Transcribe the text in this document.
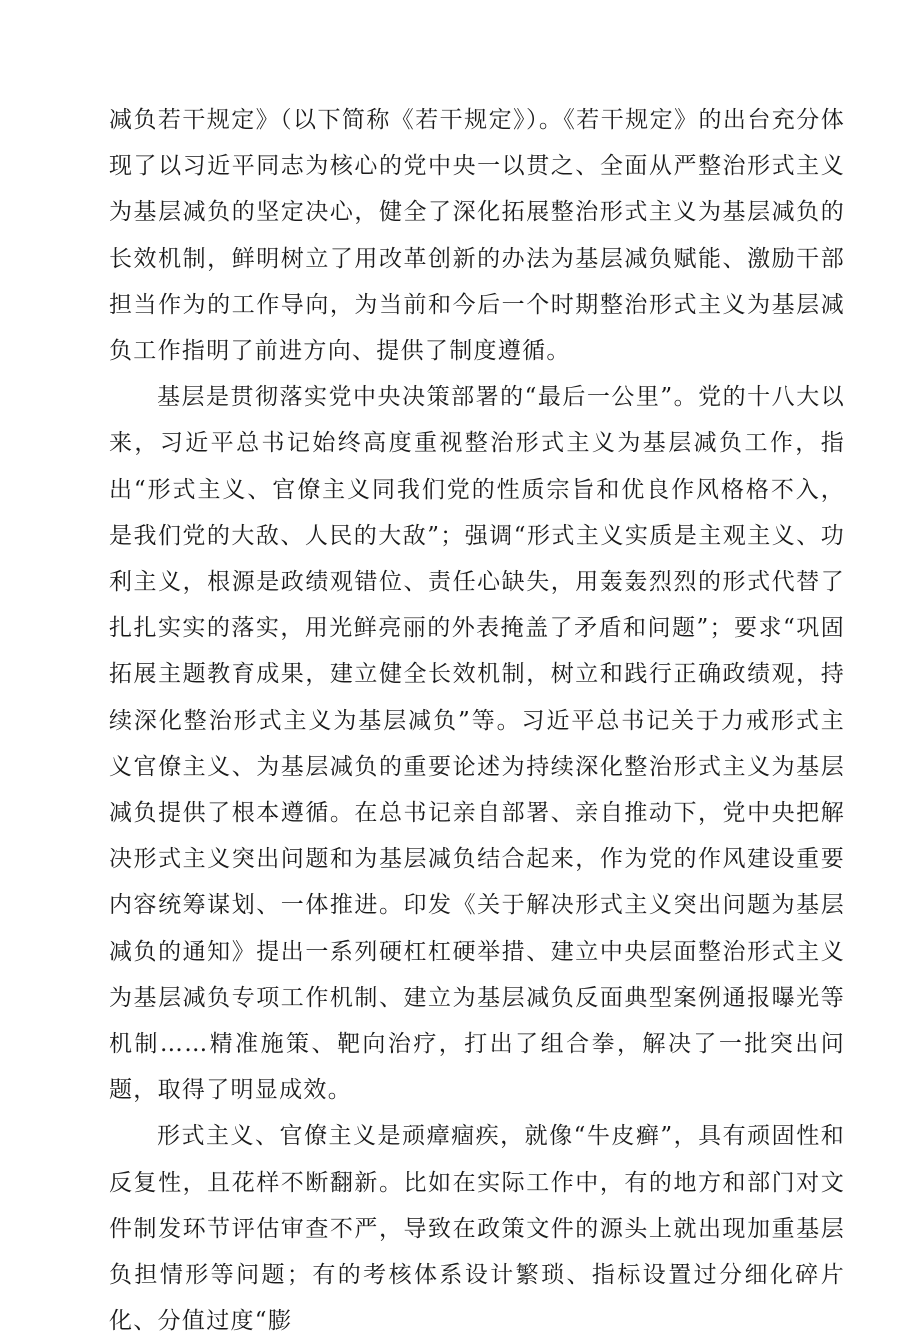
减负若干规定》（以下简称《若干规定》）。《若干规定》的出台充分体现了以习近平同志为核心的党中央一以贯之、全面从严整治形式主义为基层减负的坚定决心，健全了深化拓展整治形式主义为基层减负的长效机制，鲜明树立了用改革创新的办法为基层减负赋能、激励干部担当作为的工作导向，为当前和今后一个时期整治形式主义为基层减负工作指明了前进方向、提供了制度遵循。

基层是贯彻落实党中央决策部署的“最后一公里”。党的十八大以来，习近平总书记始终高度重视整治形式主义为基层减负工作，指出“形式主义、官僚主义同我们党的性质宗旨和优良作风格格不入，是我们党的大敌、人民的大敌”；强调“形式主义实质是主观主义、功利主义，根源是政绩观错位、责任心缺失，用轰轰烈烈的形式代替了扎扎实实的落实，用光鲜亮丽的外表掩盖了矛盾和问题”；要求“巩固拓展主题教育成果，建立健全长效机制，树立和践行正确政绩观，持续深化整治形式主义为基层减负”等。习近平总书记关于力戒形式主义官僚主义、为基层减负的重要论述为持续深化整治形式主义为基层减负提供了根本遵循。在总书记亲自部署、亲自推动下，党中央把解决形式主义突出问题和为基层减负结合起来，作为党的作风建设重要内容统筹谋划、一体推进。印发《关于解决形式主义突出问题为基层减负的通知》提出一系列硬杠杠硬举措、建立中央层面整治形式主义为基层减负专项工作机制、建立为基层减负反面典型案例通报曝光等机制……精准施策、靶向治疗，打出了组合拳，解决了一批突出问题，取得了明显成效。

形式主义、官僚主义是顽瘴痼疾，就像“牛皮癣”，具有顽固性和反复性，且花样不断翻新。比如在实际工作中，有的地方和部门对文件制发环节评估审查不严，导致在政策文件的源头上就出现加重基层负担情形等问题；有的考核体系设计繁琐、指标设置过分细化碎片化、分值过度“膨
